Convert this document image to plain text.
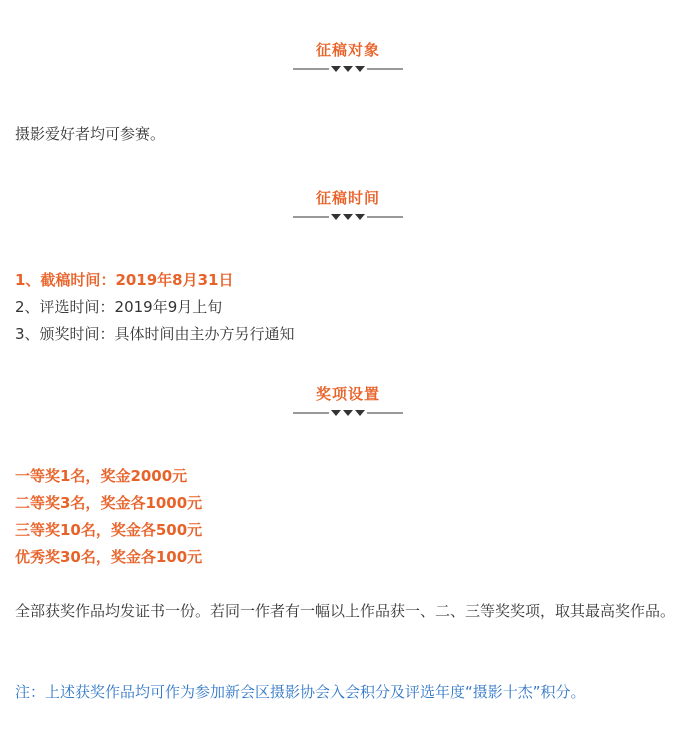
征稿对象

摄影爱好者均可参赛。

征稿时间
1、截稿时间：2019年8月31日
2、评选时间：2019年9月上旬
3、颁奖时间：具体时间由主办方另行通知
奖项设置
一等奖1名，奖金2000元
二等奖3名，奖金各1000元
三等奖10名，奖金各500元
优秀奖30名，奖金各100元

全部获奖作品均发证书一份。若同一作者有一幅以上作品获一、二、三等奖奖项，取其最高奖作品。

注：上述获奖作品均可作为参加新会区摄影协会入会积分及评选年度“摄影十杰”积分。
